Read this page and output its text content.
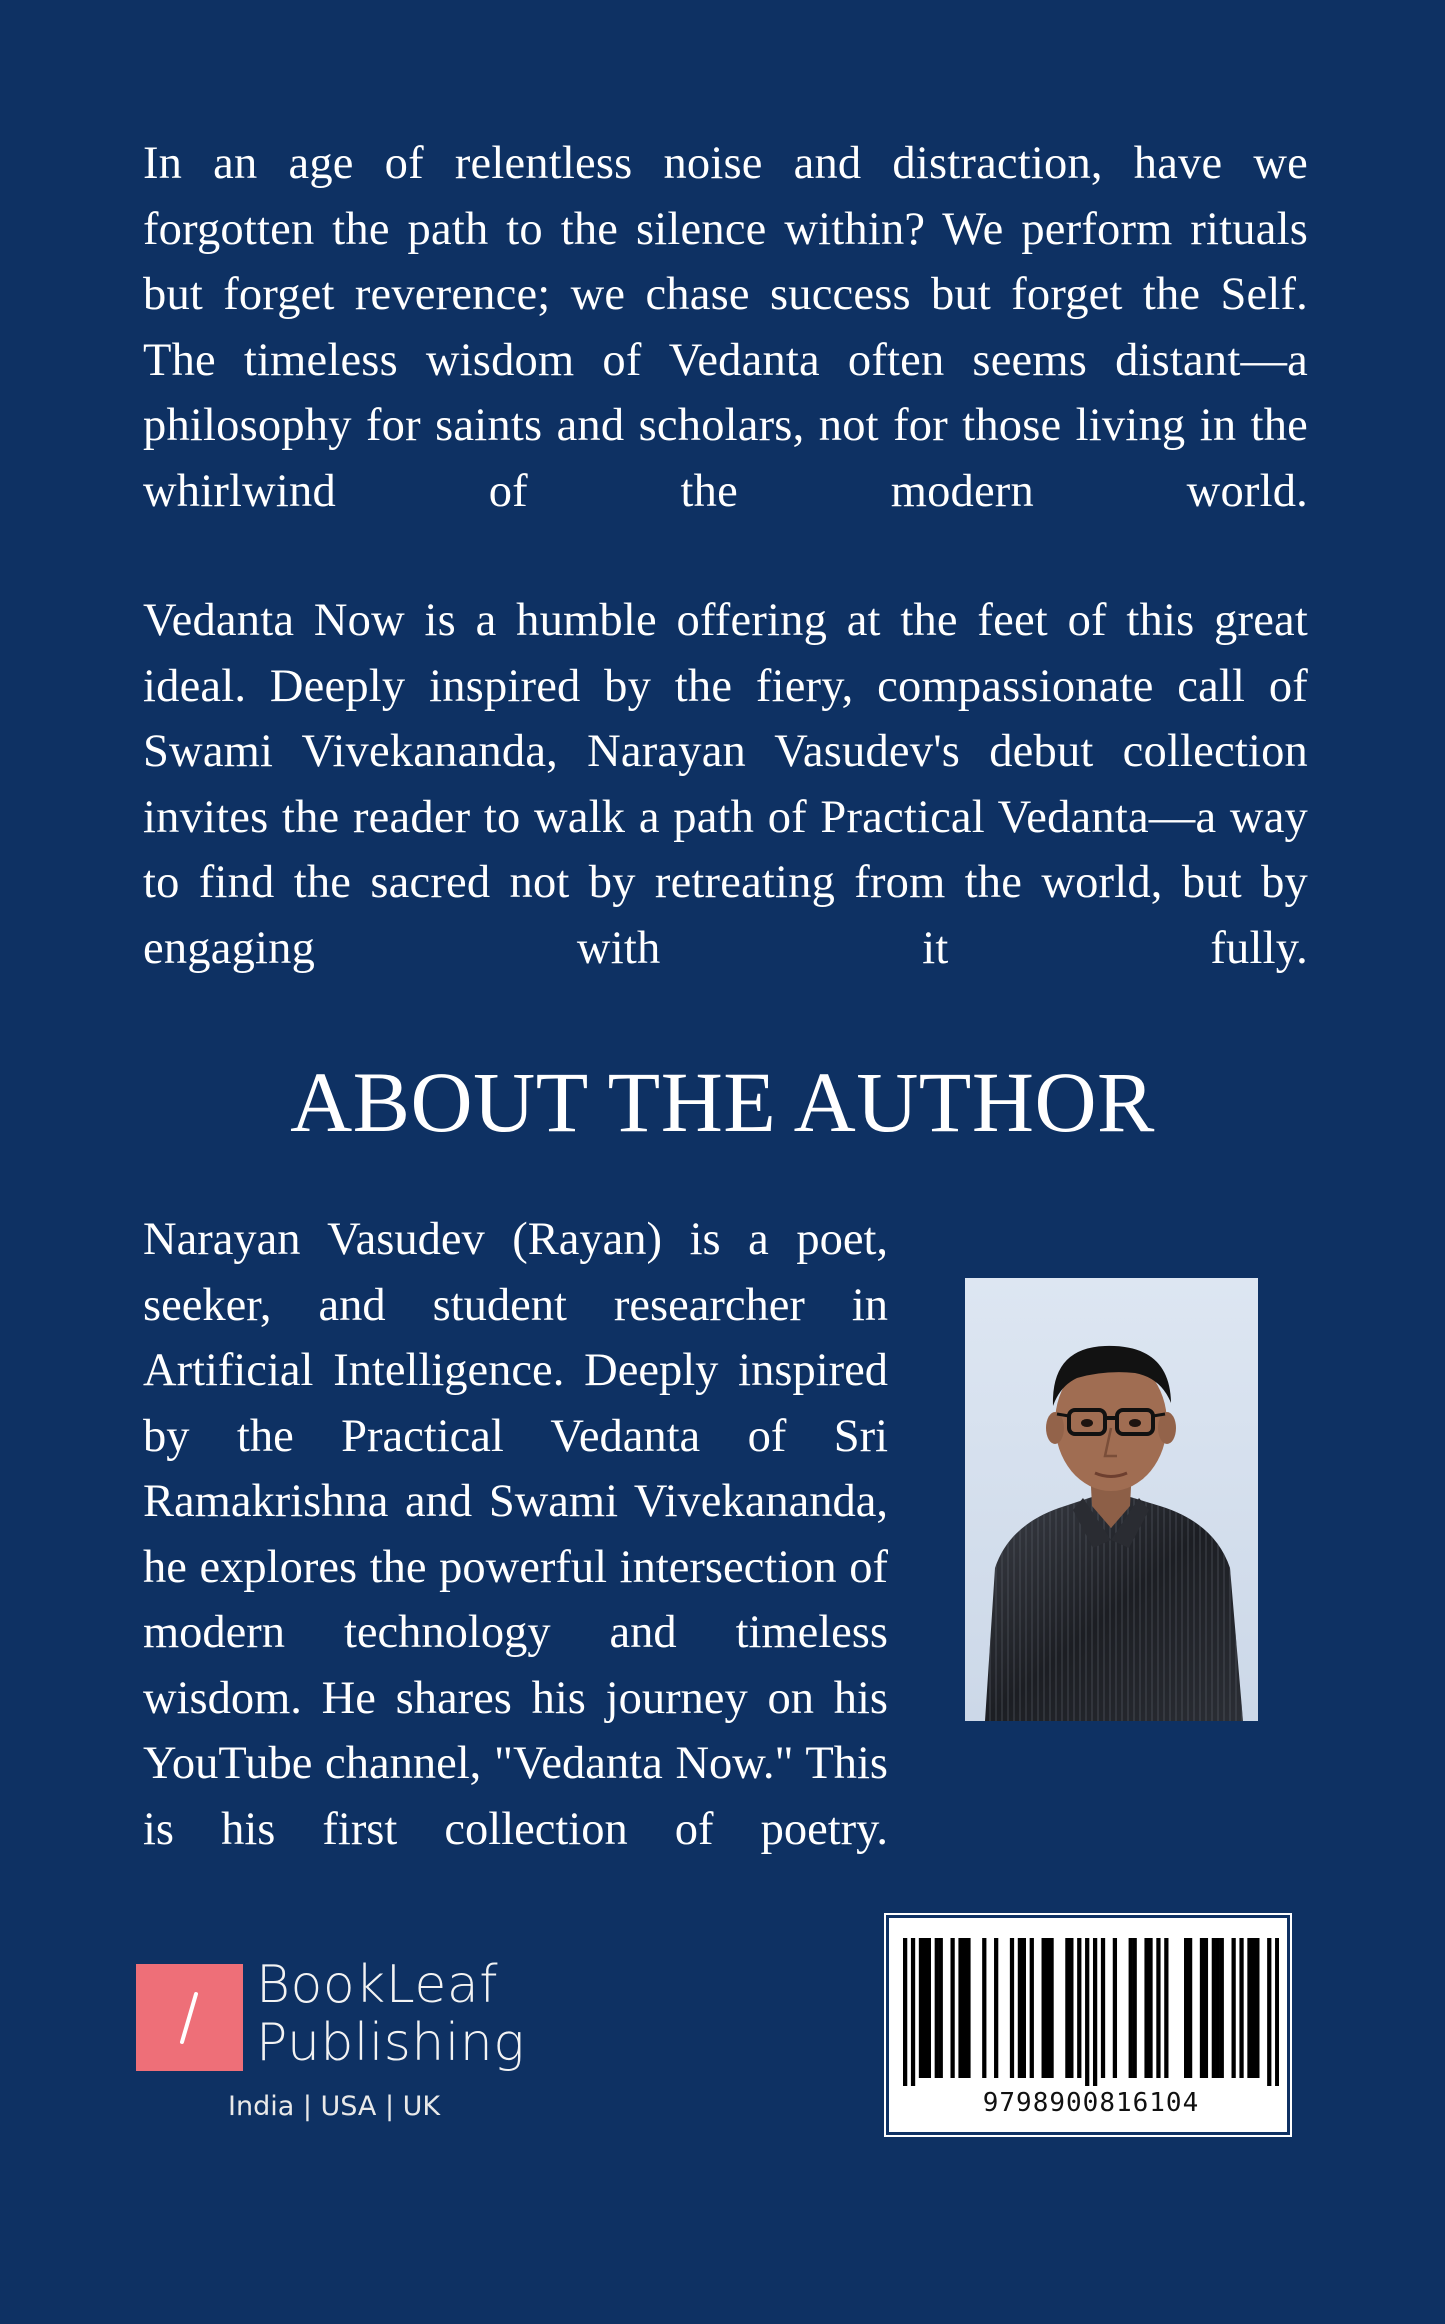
In an age of relentless noise and distraction, have we forgotten the path to the silence within? We perform rituals but forget reverence; we chase success but forget the Self. The timeless wisdom of Vedanta often seems distant—a philosophy for saints and scholars, not for those living in the whirlwind of the modern world.

Vedanta Now is a humble offering at the feet of this great ideal. Deeply inspired by the fiery, compassionate call of Swami Vivekananda, Narayan Vasudev's debut collection invites the reader to walk a path of Practical Vedanta—a way to find the sacred not by retreating from the world, but by engaging with it fully.

ABOUT THE AUTHOR

Narayan Vasudev (Rayan) is a poet, seeker, and student researcher in Artificial Intelligence. Deeply inspired by the Practical Vedanta of Sri Ramakrishna and Swami Vivekananda, he explores the powerful intersection of modern technology and timeless wisdom. He shares his journey on his YouTube channel, "Vedanta Now." This is his first collection of poetry.

BookLeaf
Publishing

India | USA | UK	9798900816104
